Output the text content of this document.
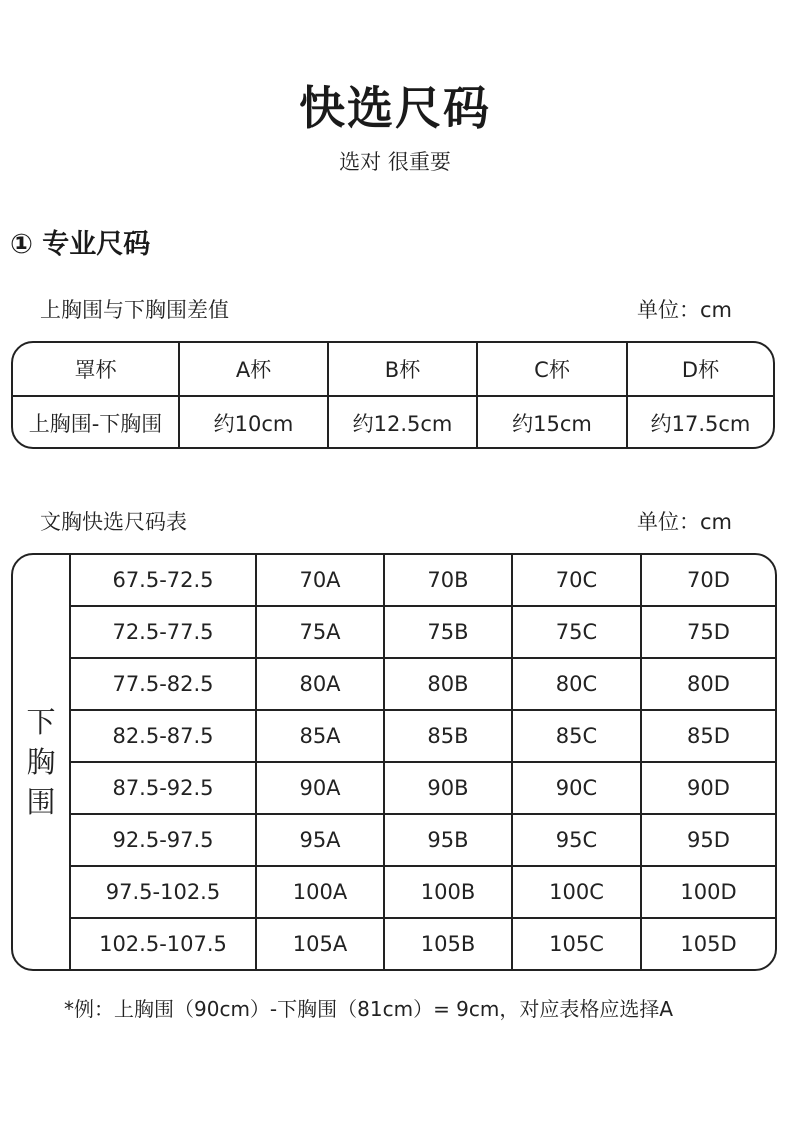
快选尺码
选对 很重要
① 专业尺码
上胸围与下胸围差值	单位：cm
罩杯	A杯	B杯	C杯	D杯
上胸围-下胸围	约10cm	约12.5cm	约15cm	约17.5cm
文胸快选尺码表	单位：cm
下
胸
围
67.5-72.5	70A	70B	70C	70D
72.5-77.5	75A	75B	75C	75D
77.5-82.5	80A	80B	80C	80D
82.5-87.5	85A	85B	85C	85D
87.5-92.5	90A	90B	90C	90D
92.5-97.5	95A	95B	95C	95D
97.5-102.5	100A	100B	100C	100D
102.5-107.5	105A	105B	105C	105D
*例：上胸围（90cm）-下胸围（81cm）= 9cm，对应表格应选择A
